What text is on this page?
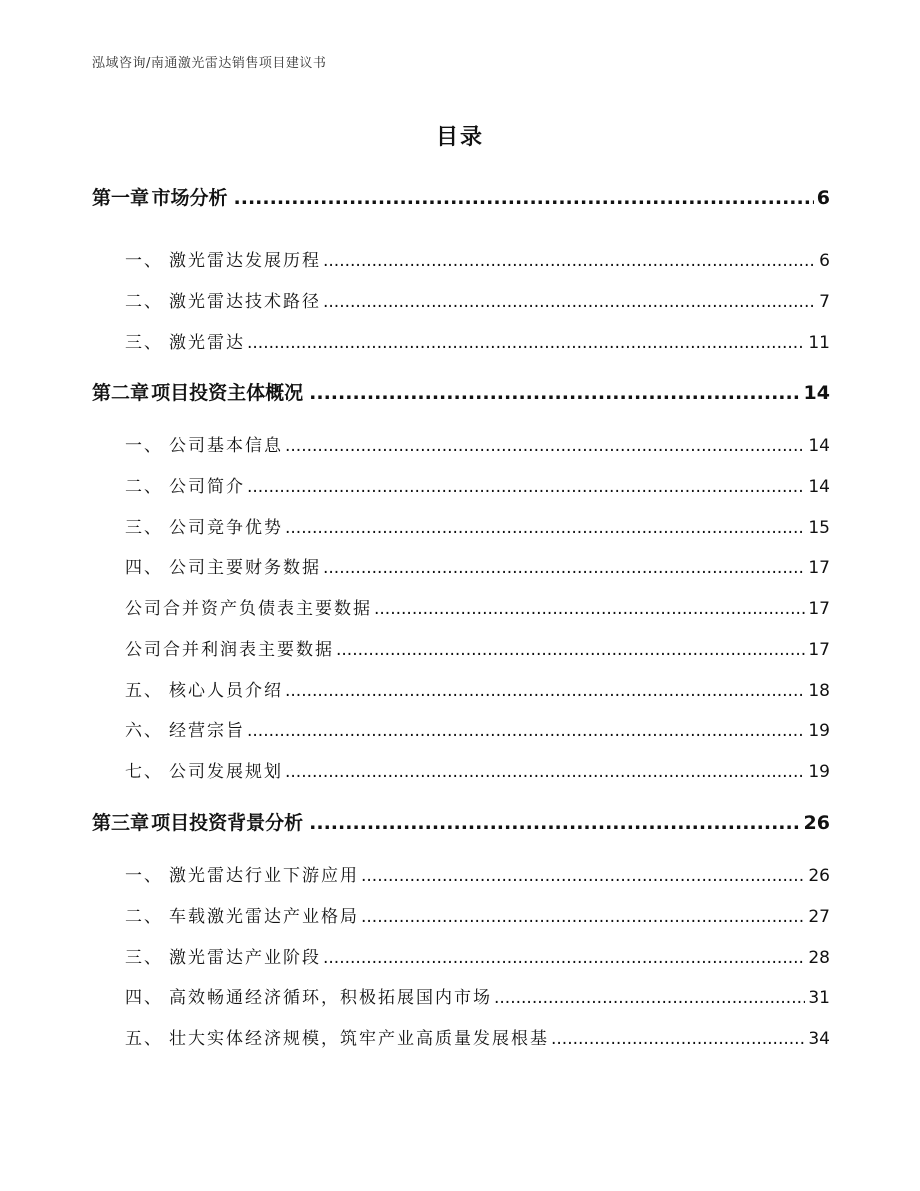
泓域咨询/南通激光雷达销售项目建议书
目录
第一章 市场分析 .....	6
一、 激光雷达发展历程 .....	6
二、 激光雷达技术路径 .....	7
三、 激光雷达 .....	11
第二章 项目投资主体概况 .....	14
一、 公司基本信息 .....	14
二、 公司简介 .....	14
三、 公司竞争优势 .....	15
四、 公司主要财务数据 .....	17
公司合并资产负债表主要数据 .....	17
公司合并利润表主要数据 .....	17
五、 核心人员介绍 .....	18
六、 经营宗旨 .....	19
七、 公司发展规划 .....	19
第三章 项目投资背景分析 .....	26
一、 激光雷达行业下游应用 .....	26
二、 车载激光雷达产业格局 .....	27
三、 激光雷达产业阶段 .....	28
四、 高效畅通经济循环，积极拓展国内市场 .....	31
五、 壮大实体经济规模，筑牢产业高质量发展根基 .....	34
